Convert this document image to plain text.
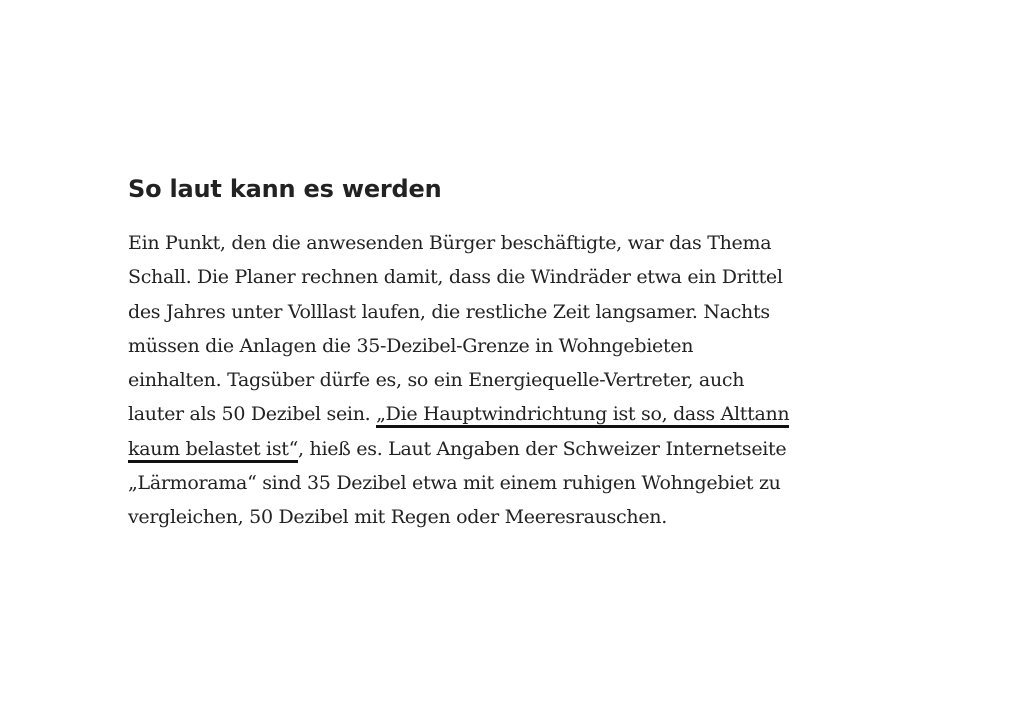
So laut kann es werden

Ein Punkt, den die anwesenden Bürger beschäftigte, war das Thema
Schall. Die Planer rechnen damit, dass die Windräder etwa ein Drittel
des Jahres unter Volllast laufen, die restliche Zeit langsamer. Nachts
müssen die Anlagen die 35-Dezibel-Grenze in Wohngebieten
einhalten. Tagsüber dürfe es, so ein Energiequelle-Vertreter, auch
lauter als 50 Dezibel sein. „Die Hauptwindrichtung ist so, dass Alttann
kaum belastet ist“, hieß es. Laut Angaben der Schweizer Internetseite
„Lärmorama“ sind 35 Dezibel etwa mit einem ruhigen Wohngebiet zu
vergleichen, 50 Dezibel mit Regen oder Meeresrauschen.
